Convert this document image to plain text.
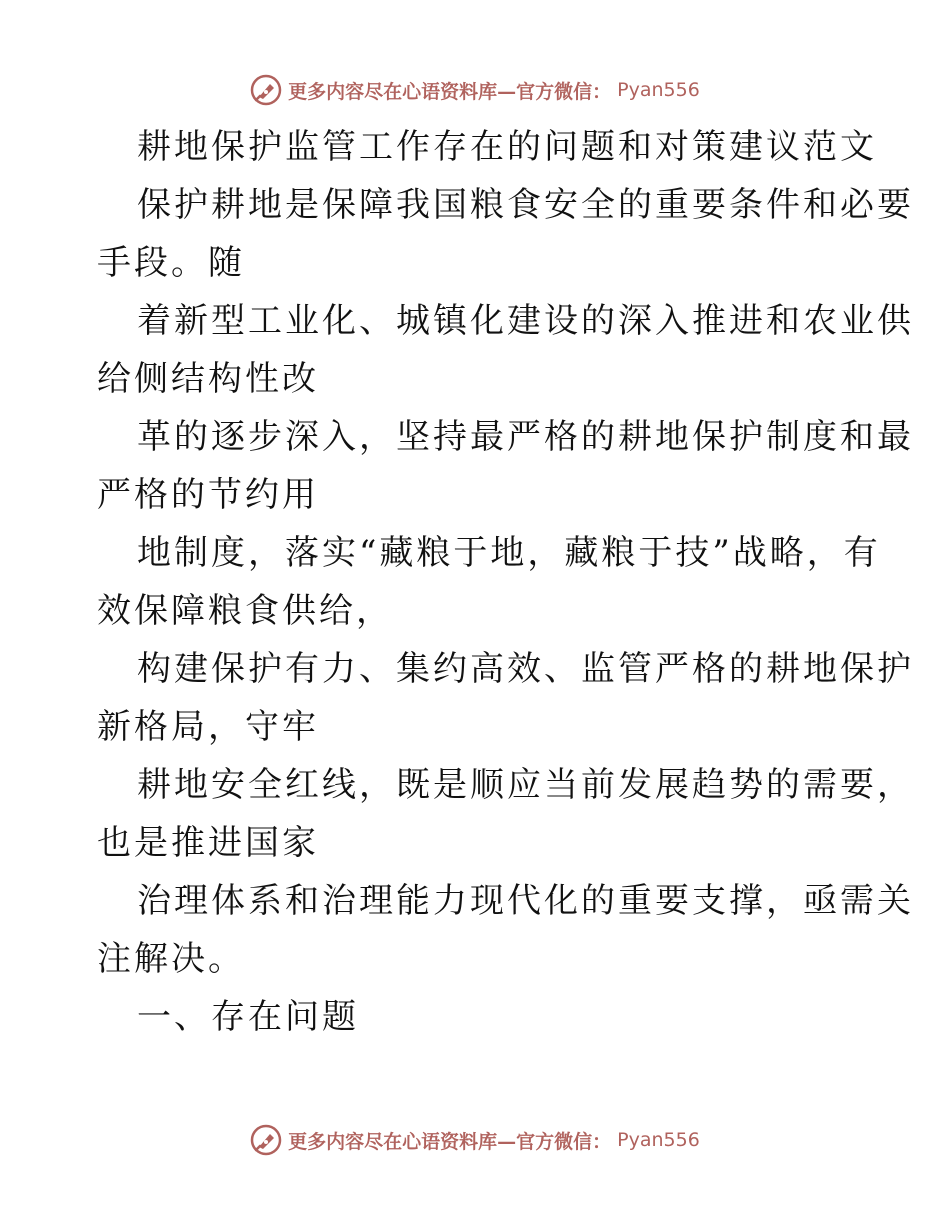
更多内容尽在心语资料库—官方微信： Pyan556
耕地保护监管工作存在的问题和对策建议范文
保护耕地是保障我国粮食安全的重要条件和必要
手段。随
着新型工业化、城镇化建设的深入推进和农业供
给侧结构性改
革的逐步深入，坚持最严格的耕地保护制度和最
严格的节约用
地制度，落实“藏粮于地，藏粮于技”战略，有
效保障粮食供给，
构建保护有力、集约高效、监管严格的耕地保护
新格局，守牢
耕地安全红线，既是顺应当前发展趋势的需要，
也是推进国家
治理体系和治理能力现代化的重要支撑，亟需关
注解决。
一、存在问题
更多内容尽在心语资料库—官方微信： Pyan556
